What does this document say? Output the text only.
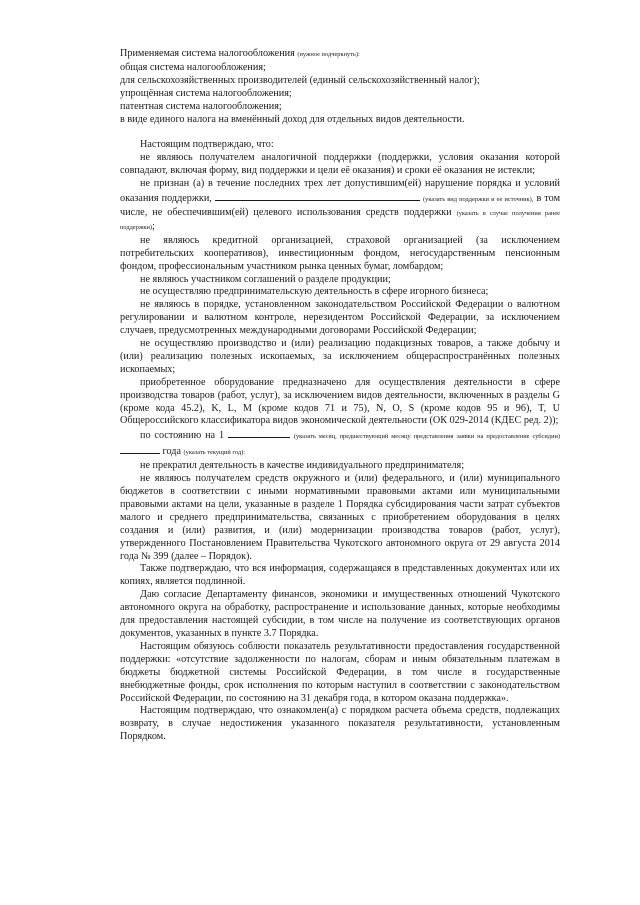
Применяемая система налогообложения (нужное подчеркнуть):

общая система налогообложения;

для сельскохозяйственных производителей (единый сельскохозяйственный налог);

упрощённая система налогообложения;

патентная система налогообложения;

в виде единого налога на вменённый доход для отдельных видов деятельности.

Настоящим подтверждаю, что:

не являюсь получателем аналогичной поддержки (поддержки, условия оказания которой совпадают, включая форму, вид поддержки и цели её оказания) и сроки её оказания не истекли;

не признан (а) в течение последних трех лет допустившим(ей) нарушение порядка и условий оказания поддержки,	(указать вид поддержки и ее источник), в том числе, не обеспечившим(ей) целевого использования средств поддержки (указать в случае получения ранее поддержки);

не являюсь кредитной организацией, страховой организацией (за исключением потребительских кооперативов), инвестиционным фондом, негосударственным пенсионным фондом, профессиональным участником рынка ценных бумаг, ломбардом;

не являюсь участником соглашений о разделе продукции;

не осуществляю предпринимательскую деятельность в сфере игорного бизнеса;

не являюсь в порядке, установленном законодательством Российской Федерации о валютном регулировании и валютном контроле, нерезидентом Российской Федерации, за исключением случаев, предусмотренных международными договорами Российской Федерации;

не осуществляю производство и (или) реализацию подакцизных товаров, а также добычу и (или) реализацию полезных ископаемых, за исключением общераспространённых полезных ископаемых;

приобретенное оборудование предназначено для осуществления деятельности в сфере производства товаров (работ, услуг), за исключением видов деятельности, включенных в разделы G (кроме кода 45.2), K, L, M (кроме кодов 71 и 75), N, O, S (кроме кодов 95 и 96), T, U Общероссийского классификатора видов экономической деятельности (ОК 029-2014 (КДЕС ред. 2));

по состоянию на 1	(указать месяц, предшествующий месяцу представления заявки на предоставление субсидии)  года (указать текущий год):

не прекратил деятельность в качестве индивидуального предпринимателя;

не являюсь получателем средств окружного и (или) федерального, и (или) муниципального бюджетов в соответствии с иными нормативными правовыми актами или муниципальными правовыми актами на цели, указанные в разделе 1 Порядка субсидирования части затрат субъектов малого и среднего предпринимательства, связанных с приобретением оборудования в целях создания и (или) развития, и (или) модернизации производства товаров (работ, услуг), утвержденного Постановлением Правительства Чукотского автономного округа от 29 августа 2014 года № 399 (далее – Порядок).

Также подтверждаю, что вся информация, содержащаяся в представленных документах или их копиях, является подлинной.

Даю согласие Департаменту финансов, экономики и имущественных отношений Чукотского автономного округа на обработку, распространение и использование данных, которые необходимы для предоставления настоящей субсидии, в том числе на получение из соответствующих органов документов, указанных в пункте 3.7 Порядка.

Настоящим обязуюсь соблюсти показатель результативности предоставления государственной поддержки: «отсутствие задолженности по налогам, сборам и иным обязательным платежам в бюджеты бюджетной системы Российской Федерации, в том числе в государственные внебюджетные фонды, срок исполнения по которым наступил в соответствии с законодательством Российской Федерации, по состоянию на 31 декабря года, в котором оказана поддержка».

Настоящим подтверждаю, что ознакомлен(а) с порядком расчета объема средств, подлежащих возврату, в случае недостижения указанного показателя результативности, установленным Порядком.
